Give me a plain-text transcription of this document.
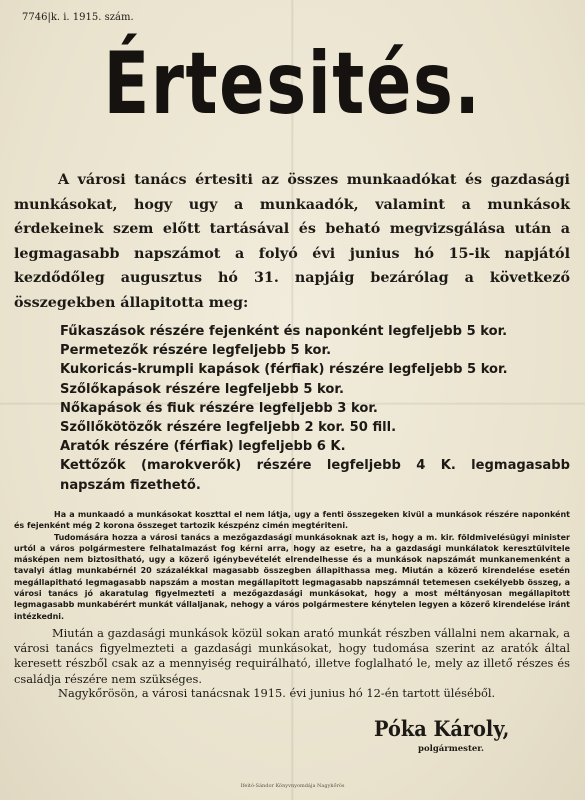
7746|k. i. 1915. szám.
Értesités.
A városi tanács értesiti az összes munkaadókat és gazdasági munkásokat, hogy ugy a munkaadók, valamint a munkások érdekeinek szem előtt tartásával és beható megvizsgálása után a legmagasabb napszámot a folyó évi junius hó 15-ik napjától kezdődőleg augusztus hó 31. napjáig bezárólag a következő összegekben állapitotta meg:
Fűkaszások részére fejenként és naponként legfeljebb 5 kor.
Permetezők részére legfeljebb 5 kor.
Kukoricás-krumpli kapások (férfiak) részére legfeljebb 5 kor.
Szőlőkapások részére legfeljebb 5 kor.
Nőkapások és fiuk részére legfeljebb 3 kor.
Szőllőkötözők részére legfeljebb 2 kor. 50 fill.
Aratók részére (férfiak) legfeljebb 6 K.
Kettőzők (marokverők) részére legfeljebb 4 K. legmagasabb napszám fizethető.

Ha a munkaadó a munkásokat koszttal el nem látja, ugy a fenti összegeken kivül a munkások részére naponként és fejenként még 2 korona összeget tartozik készpénz cimén megtériteni.

Tudomására hozza a városi tanács a mezőgazdasági munkásoknak azt is, hogy a m. kir. földmivelésügyi minister urtól a város polgármestere felhatalmazást fog kérni arra, hogy az esetre, ha a gazdasági munkálatok keresztülvitele másképen nem biztositható, ugy a közerő igénybevételét elrendelhesse és a munkások napszámát munkanemenként a tavalyi átlag munkabérnél 20 százalékkal magasabb összegben állapithassa meg. Miután a közerő kirendelése esetén megállapitható legmagasabb napszám a mostan megállapitott legmagasabb napszámnál tetemesen csekélyebb összeg, a városi tanács jó akaratulag figyelmezteti a mezőgazdasági munkásokat, hogy a most méltányosan megállapitott legmagasabb munkabérért munkát vállaljanak, nehogy a város polgármestere kénytelen legyen a közerő kirendelése iránt intézkedni.

Miután a gazdasági munkások közül sokan arató munkát részben vállalni nem akarnak, a városi tanács figyelmezteti a gazdasági munkásokat, hogy tudomása szerint az aratók által keresett részből csak az a mennyiség requirálható, illetve foglalható le, mely az illető részes és családja részére nem szükséges.

Nagykőrösön, a városi tanácsnak 1915. évi junius hó 12-én tartott üléséből.
Póka Károly,
polgármester.
Ifeitó-Sándor Könyvnyomdája Nagykőrös
